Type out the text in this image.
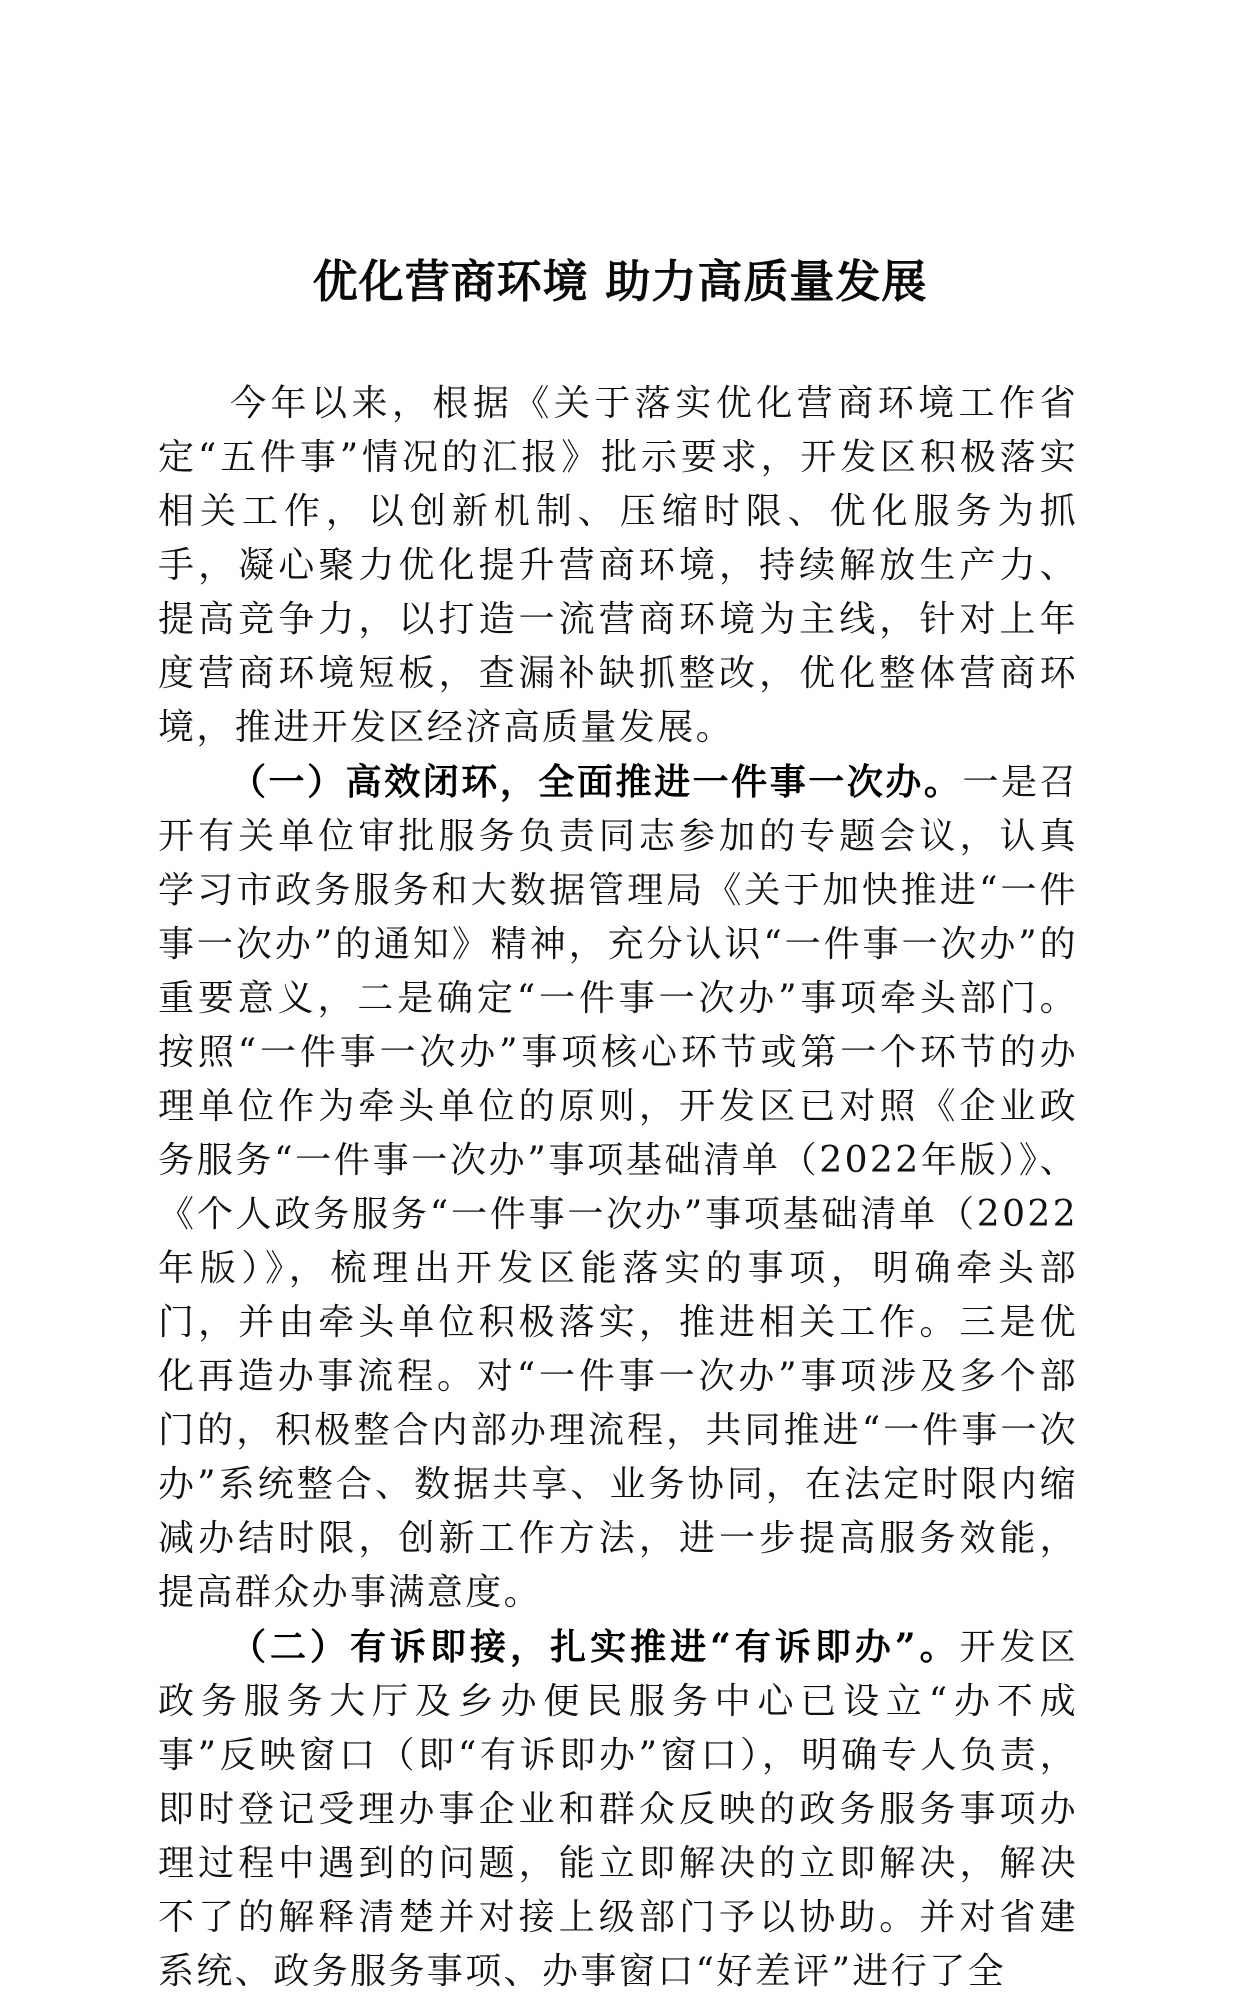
优化营商环境 助力高质量发展

今年以来，根据《关于落实优化营商环境工作省定“五件事”情况的汇报》批示要求，开发区积极落实相关工作，以创新机制、压缩时限、优化服务为抓手，凝心聚力优化提升营商环境，持续解放生产力、提高竞争力，以打造一流营商环境为主线，针对上年度营商环境短板，查漏补缺抓整改，优化整体营商环境，推进开发区经济高质量发展。

（一）高效闭环，全面推进一件事一次办。一是召开有关单位审批服务负责同志参加的专题会议，认真学习市政务服务和大数据管理局《关于加快推进“一件事一次办”的通知》精神，充分认识“一件事一次办”的重要意义，二是确定“一件事一次办”事项牵头部门。按照“一件事一次办”事项核心环节或第一个环节的办理单位作为牵头单位的原则，开发区已对照《企业政务服务“一件事一次办”事项基础清单（2022年版）》、《个人政务服务“一件事一次办”事项基础清单（2022年版）》，梳理出开发区能落实的事项，明确牵头部门，并由牵头单位积极落实，推进相关工作。三是优化再造办事流程。对“一件事一次办”事项涉及多个部门的，积极整合内部办理流程，共同推进“一件事一次办”系统整合、数据共享、业务协同，在法定时限内缩减办结时限，创新工作方法，进一步提高服务效能，提高群众办事满意度。

（二）有诉即接，扎实推进“有诉即办”。开发区政务服务大厅及乡办便民服务中心已设立“办不成事”反映窗口（即“有诉即办”窗口），明确专人负责，即时登记受理办事企业和群众反映的政务服务事项办理过程中遇到的问题，能立即解决的立即解决，解决不了的解释清楚并对接上级部门予以协助。并对省建系统、政务服务事项、办事窗口“好差评”进行了全
